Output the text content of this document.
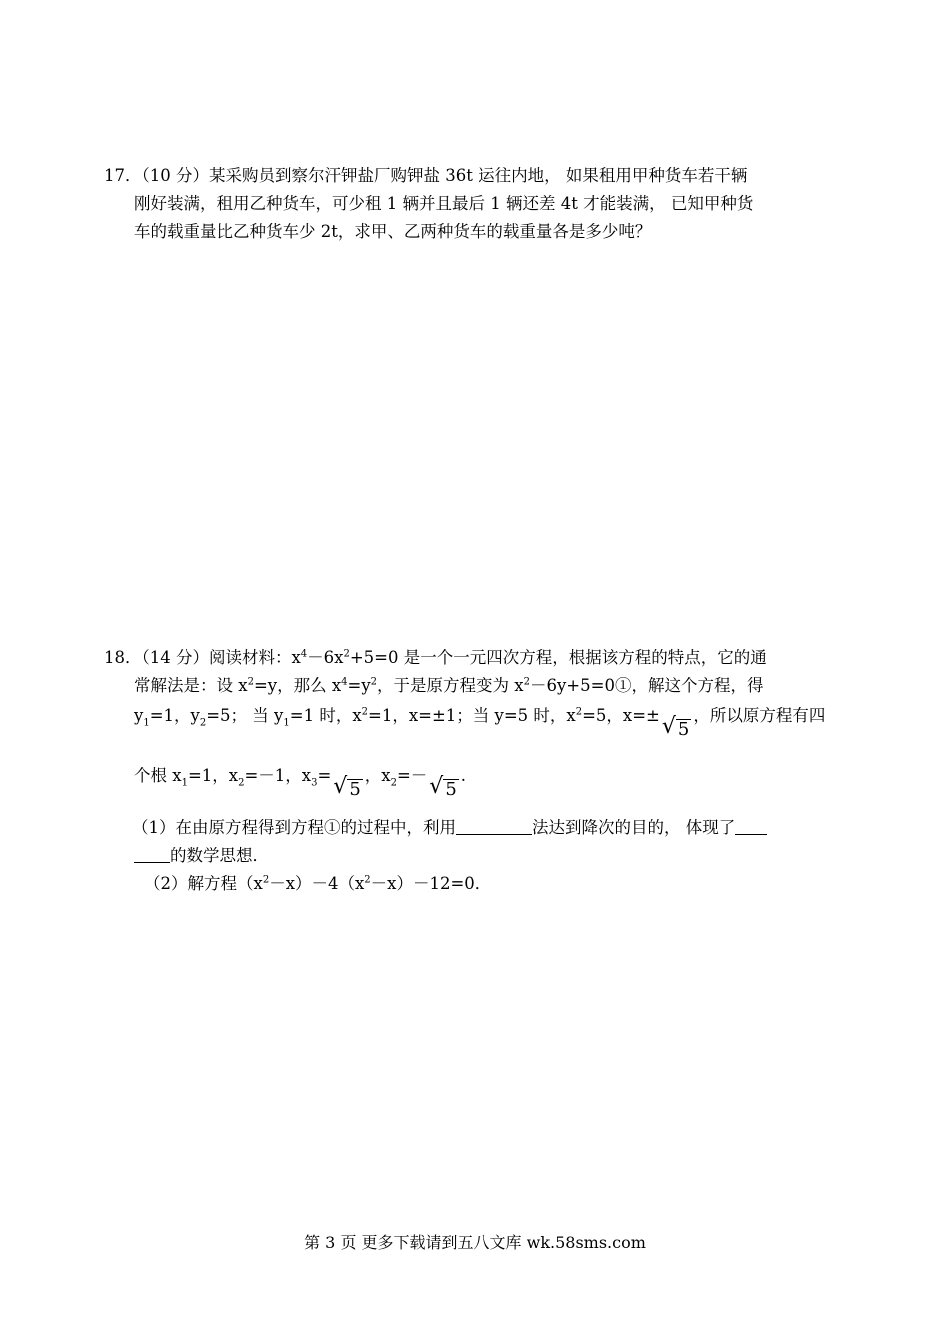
17．（10 分）某采购员到察尔汗钾盐厂购钾盐 36t 运往内地， 如果租用甲种货车若干辆
刚好装满，租用乙种货车，可少租 1 辆并且最后 1 辆还差 4t 才能装满， 已知甲种货
车的载重量比乙种货车少 2t，求甲、乙两种货车的载重量各是多少吨？
18．（14 分）阅读材料：$x^4-6x^2+5=0$ 是一个一元四次方程，根据该方程的特点，它的通
常解法是：设 $x^2=y$，那么 $x^4=y^2$，于是原方程变为 $x^2-6y+5=0①$，解这个方程，得
$y_1=1$，$y_2=5$； 当 $y_1=1$ 时，$x^2=1$，x=±1；当 y=5 时，$x^2=5$，x=±√ 5，所以原方程有四
个根 $x_1=1$，$x_2=-1$，$x_3=√$ 5，$x_2=-√$ 5.
（1）在由原方程得到方程①的过程中，利用	法达到降次的目的， 体现了
的数学思想．
（2）解方程$(x^2-x)-4(x^2-x)-12=0$．
第 3 页 更多下载请到五八文库 wk.58sms.com
